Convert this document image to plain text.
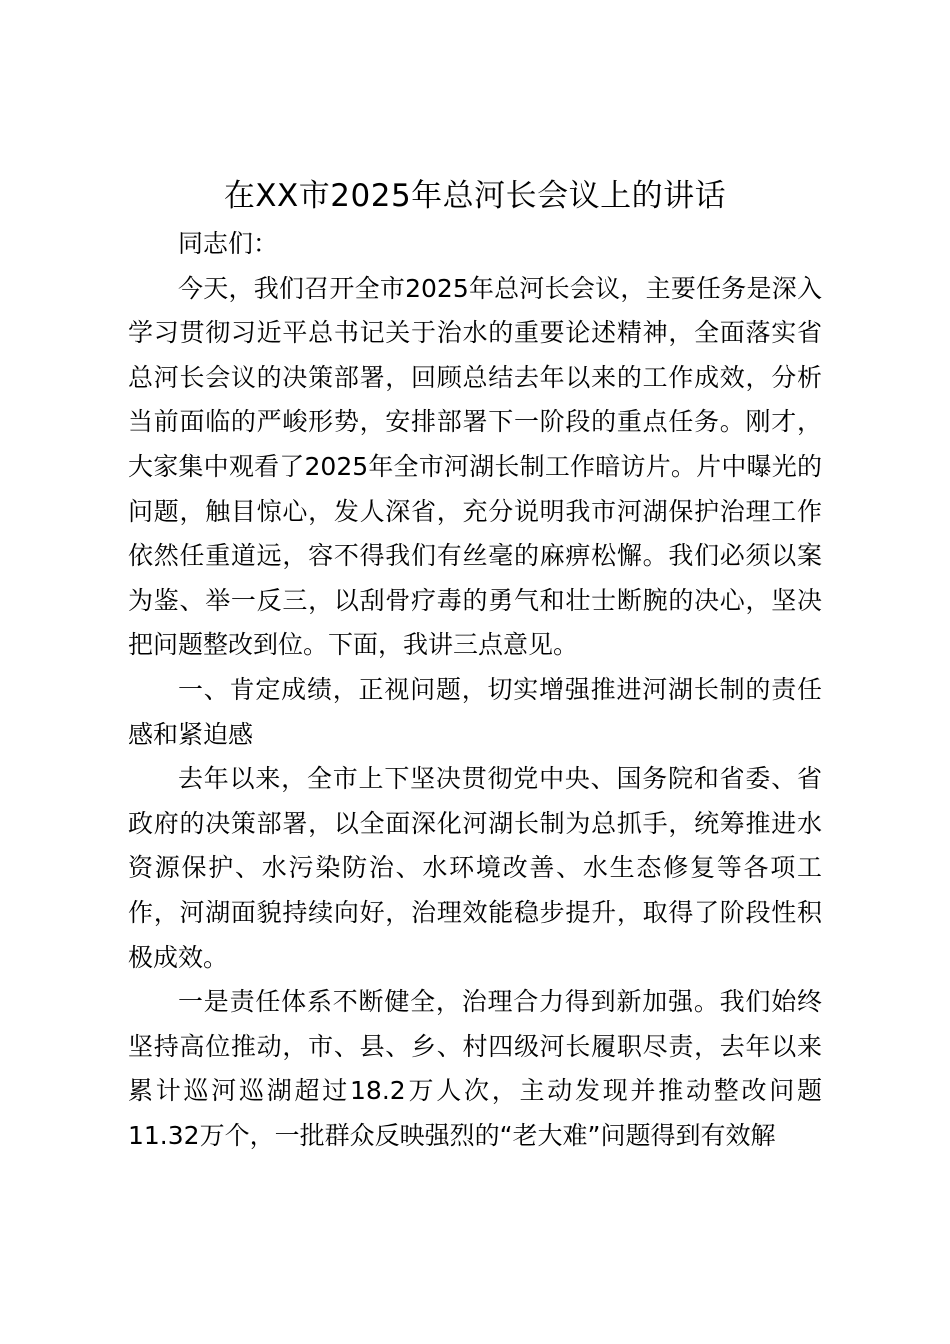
在XX市2025年总河长会议上的讲话

同志们：

今天，我们召开全市2025年总河长会议，主要任务是深入学习贯彻习近平总书记关于治水的重要论述精神，全面落实省总河长会议的决策部署，回顾总结去年以来的工作成效，分析当前面临的严峻形势，安排部署下一阶段的重点任务。刚才，大家集中观看了2025年全市河湖长制工作暗访片。片中曝光的问题，触目惊心，发人深省，充分说明我市河湖保护治理工作依然任重道远，容不得我们有丝毫的麻痹松懈。我们必须以案为鉴、举一反三，以刮骨疗毒的勇气和壮士断腕的决心，坚决把问题整改到位。下面，我讲三点意见。

一、肯定成绩，正视问题，切实增强推进河湖长制的责任感和紧迫感

去年以来，全市上下坚决贯彻党中央、国务院和省委、省政府的决策部署，以全面深化河湖长制为总抓手，统筹推进水资源保护、水污染防治、水环境改善、水生态修复等各项工作，河湖面貌持续向好，治理效能稳步提升，取得了阶段性积极成效。

一是责任体系不断健全，治理合力得到新加强。我们始终坚持高位推动，市、县、乡、村四级河长履职尽责，去年以来累计巡河巡湖超过18.2万人次，主动发现并推动整改问题11.32万个，一批群众反映强烈的“老大难”问题得到有效解
